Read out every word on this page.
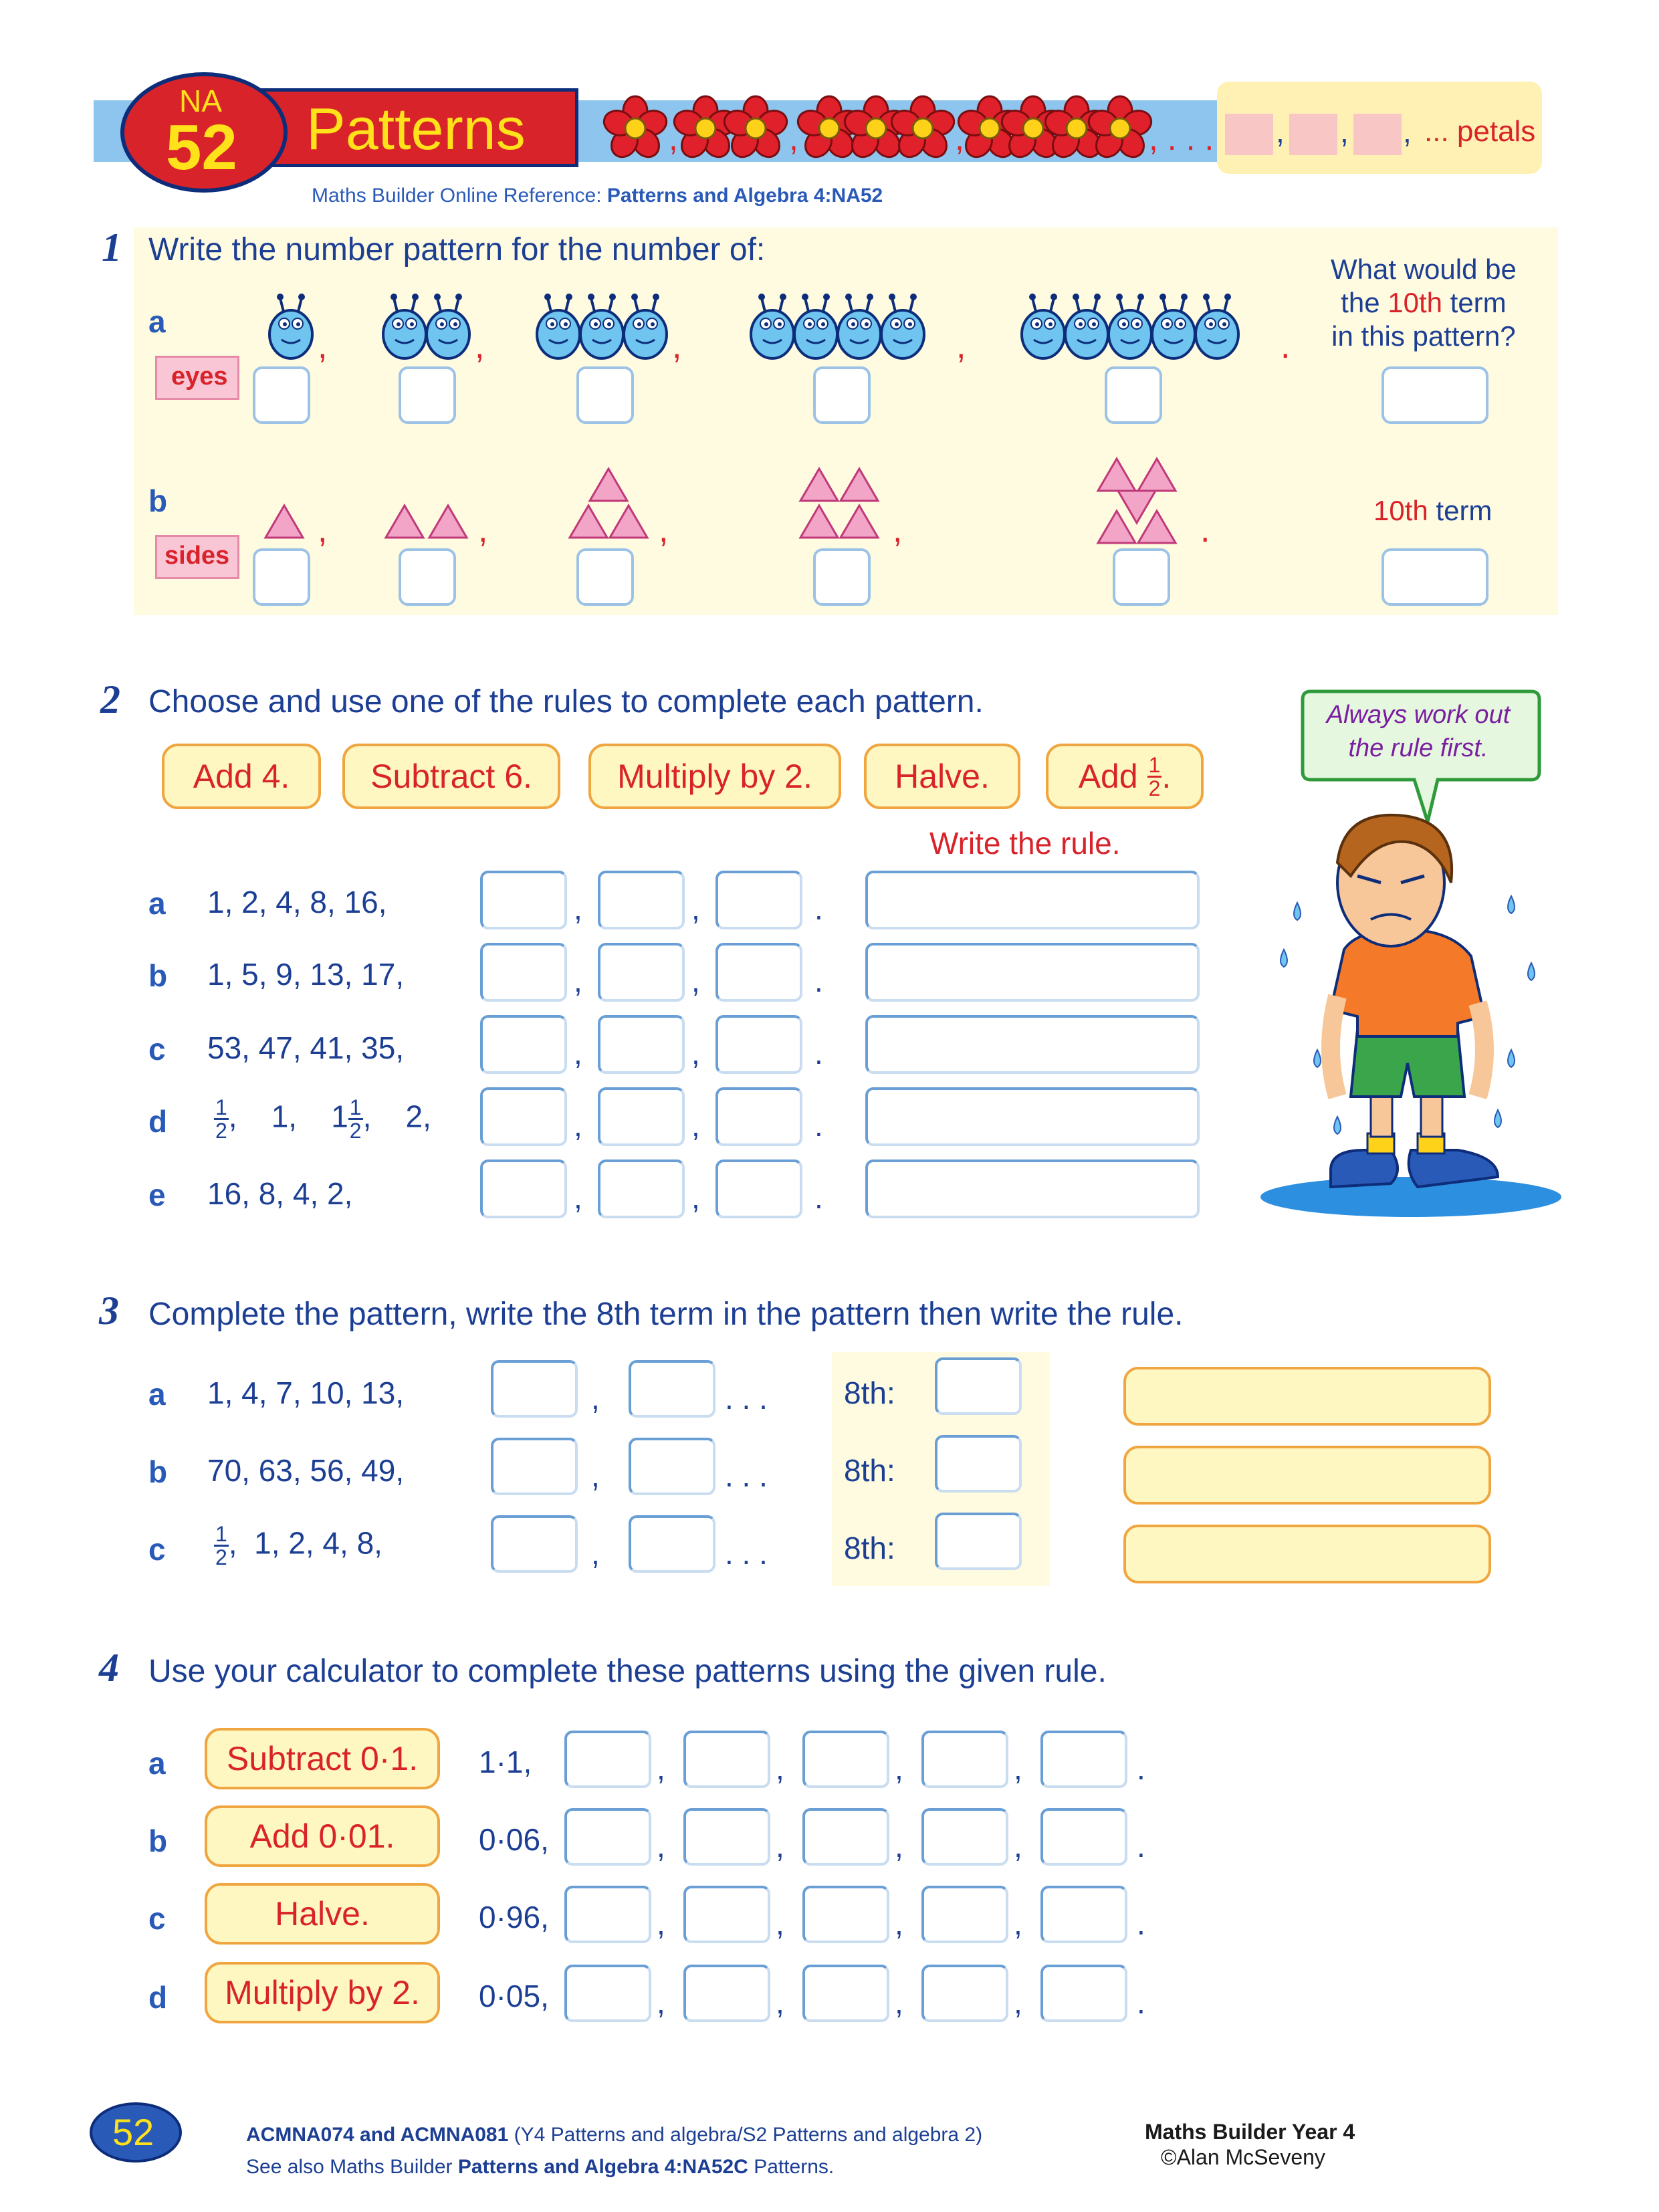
NA
52 Patterns	,	,	,	, . . . , , , ... petals
Maths Builder Online Reference: Patterns and Algebra 4:NA52
1 Write the number pattern for the number of:
What would be
the 10th term
in this pattern?
a
eyes
,	,	,	,	.
b
sides
,	,	,	,	.
10th term
2 Choose and use one of the rules to complete each pattern.
Add 4.	Subtract 6.	Multiply by 2.	Halve.	Add
$\frac{1}{2}$ .
Write the rule.
a 1, 2, 4, 8, 16,	,	,	.
b 1, 5, 9, 13, 17,	,	,	.
c 53, 47, 41, 35,	,	,	.
d $\frac{1}{2}$ ,    1, $1 \frac{1}{2}$ ,    2,	,	,	.
e 16, 8, 4, 2,	,	,	.
Always work out
the rule first.
3 Complete the pattern, write the 8th term in the pattern then write the rule.
a 1, 4, 7, 10, 13,	,	. . . 8th:
b 70, 63, 56, 49,	,	. . . 8th:
c $\frac{1}{2}$ ,  1, 2, 4, 8,	,	. . . 8th:
4 Use your calculator to complete these patterns using the given rule.
a	Subtract 0·1.	1·1,	,	,	,	,	.
b	Add 0·01.	0·06,	,	,	,	,	.
c	Halve.	0·96,	,	,	,	,	.
d	Multiply by 2.	0·05,	,	,	,	,	.
52	ACMNA074 and ACMNA081 (Y4 Patterns and algebra/S2 Patterns and algebra 2)
See also Maths Builder Patterns and Algebra 4:NA52C Patterns.
Maths Builder Year 4
©Alan McSeveny
